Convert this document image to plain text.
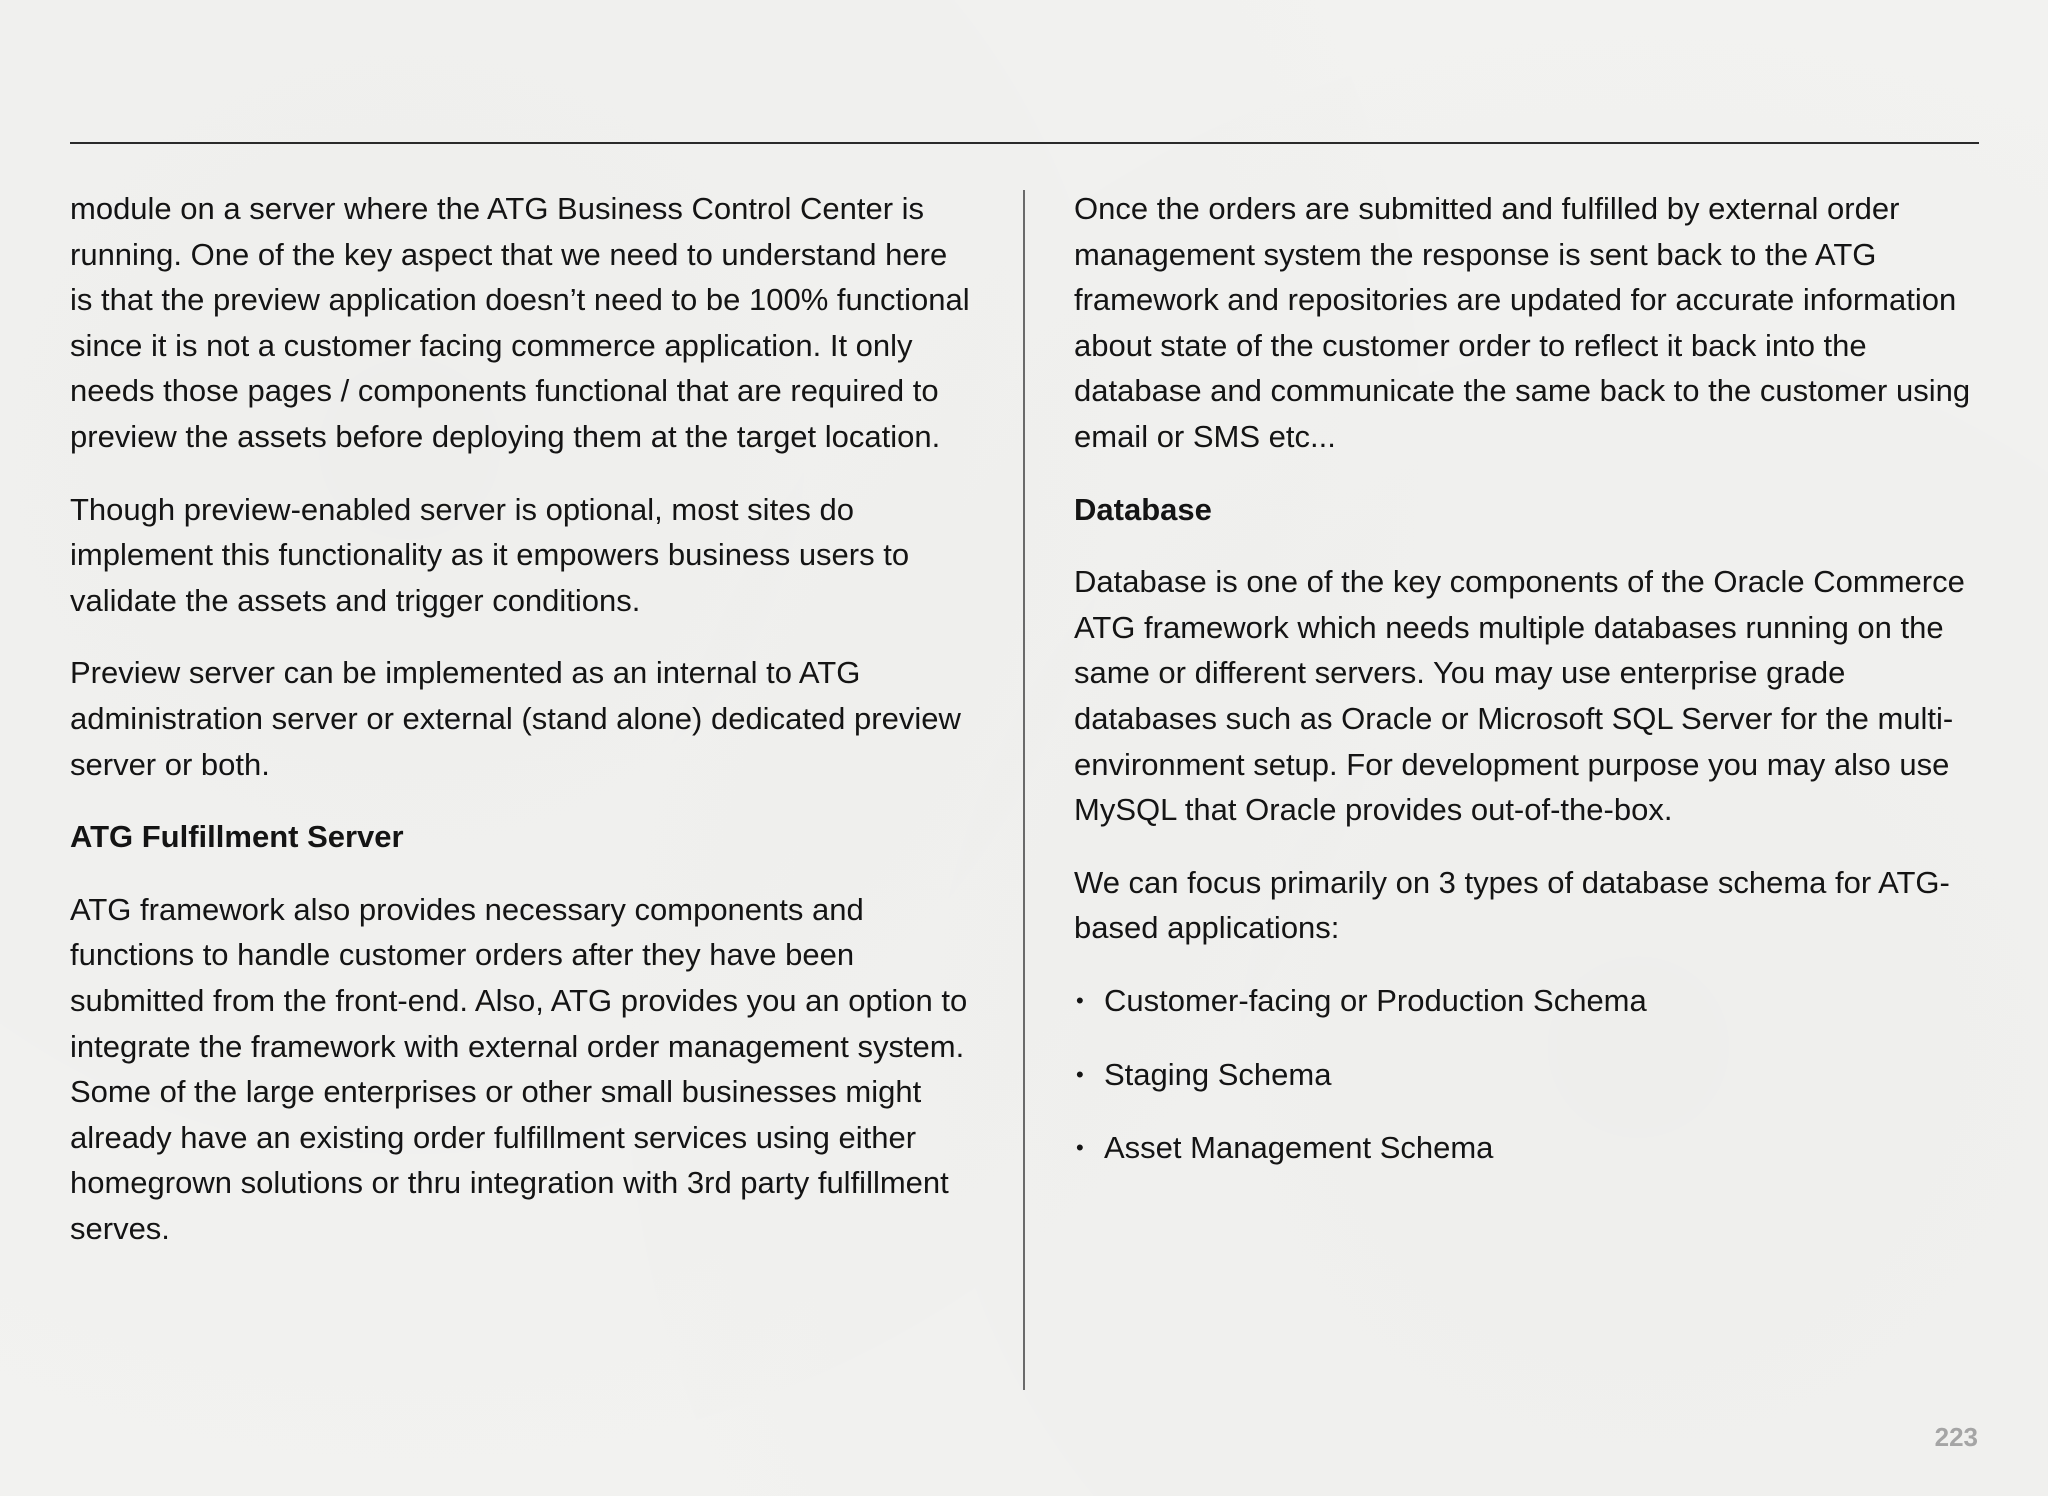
module on a server where the ATG Business Control Center is running. One of the key aspect that we need to understand here is that the preview application doesn’t need to be 100% functional since it is not a customer facing commerce application. It only needs those pages / components functional that are required to preview the assets before deploying them at the target location.

Though preview-enabled server is optional, most sites do implement this functionality as it empowers business users to validate the assets and trigger conditions.

Preview server can be implemented as an internal to ATG administration server or external (stand alone) dedicated preview server or both.

ATG Fulfillment Server

ATG framework also provides necessary components and functions to handle customer orders after they have been submitted from the front-end. Also, ATG provides you an option to integrate the framework with external order management system. Some of the large enterprises or other small businesses might already have an existing order fulfillment services using either homegrown solutions or thru integration with 3rd party fulfillment serves.

Once the orders are submitted and fulfilled by external order management system the response is sent back to the ATG framework and repositories are updated for accurate information about state of the customer order to reflect it back into the database and communicate the same back to the customer using email or SMS etc...

Database

Database is one of the key components of the Oracle Commerce ATG framework which needs multiple databases running on the same or different servers. You may use enterprise grade databases such as Oracle or Microsoft SQL Server for the multi-environment setup. For development purpose you may also use MySQL that Oracle provides out-of-the-box.

We can focus primarily on 3 types of database schema for ATG-based applications:

• Customer-facing or Production Schema
• Staging Schema
• Asset Management Schema
223
